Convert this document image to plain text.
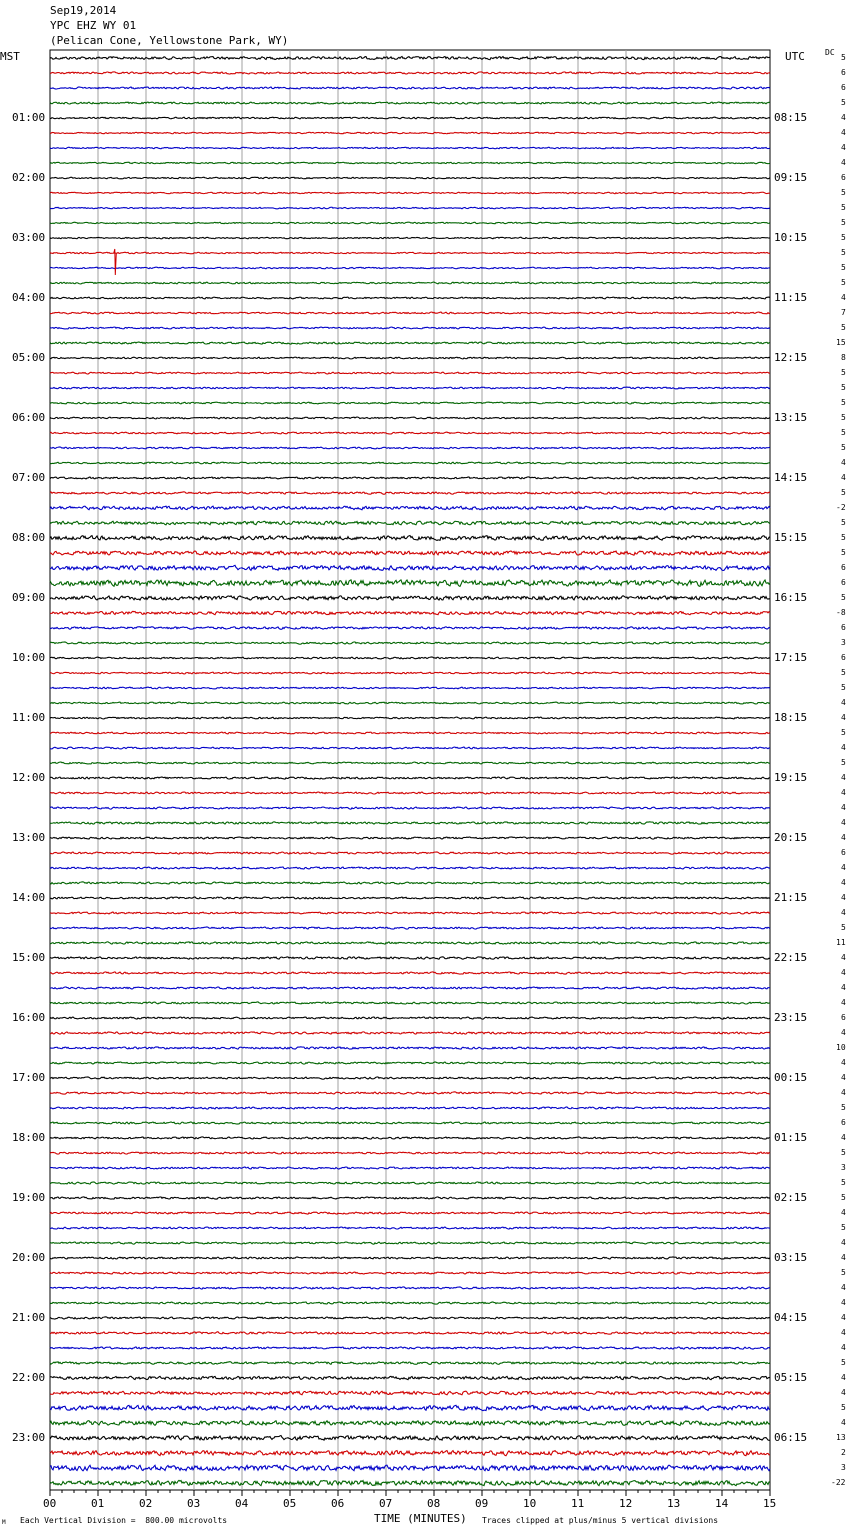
Sep19,2014
YPC EHZ WY 01
(Pelican Cone, Yellowstone Park, WY)
MST	UTC	DC
01:00
02:00
03:00
04:00
05:00
06:00
07:00
08:00
09:00
10:00
11:00
12:00
13:00
14:00
15:00
16:00
17:00
18:00
19:00
20:00
21:00
22:00
23:00
08:15
09:15
10:15
11:15
12:15
13:15
14:15
15:15
16:15
17:15
18:15
19:15
20:15
21:15
22:15
23:15
00:15
01:15
02:15
03:15
04:15
05:15
06:15
5
6
6
5
4
4
4
4
6
5
5
5
5
5
5
5
4
7
5
15
8
5
5
5
5
5
5
4
4
5
-2
5
5
5
6
6
5
-8
6
3
6
5
5
4
4
5
4
5
4
4
4
4
4
6
4
4
4
4
5
11
4
4
4
4
6
4
10
4
4
4
5
6
4
5
3
5
5
4
5
4
4
5
4
4
4
4
4
5
4
4
5
4
13
2
3
-22
00	01	02	03	04	05	06	07	08	09	10	11	12	13	14	15
TIME (MINUTES)
Each Vertical Division =  800.00 microvolts	Traces clipped at plus/minus 5 vertical divisions
M
